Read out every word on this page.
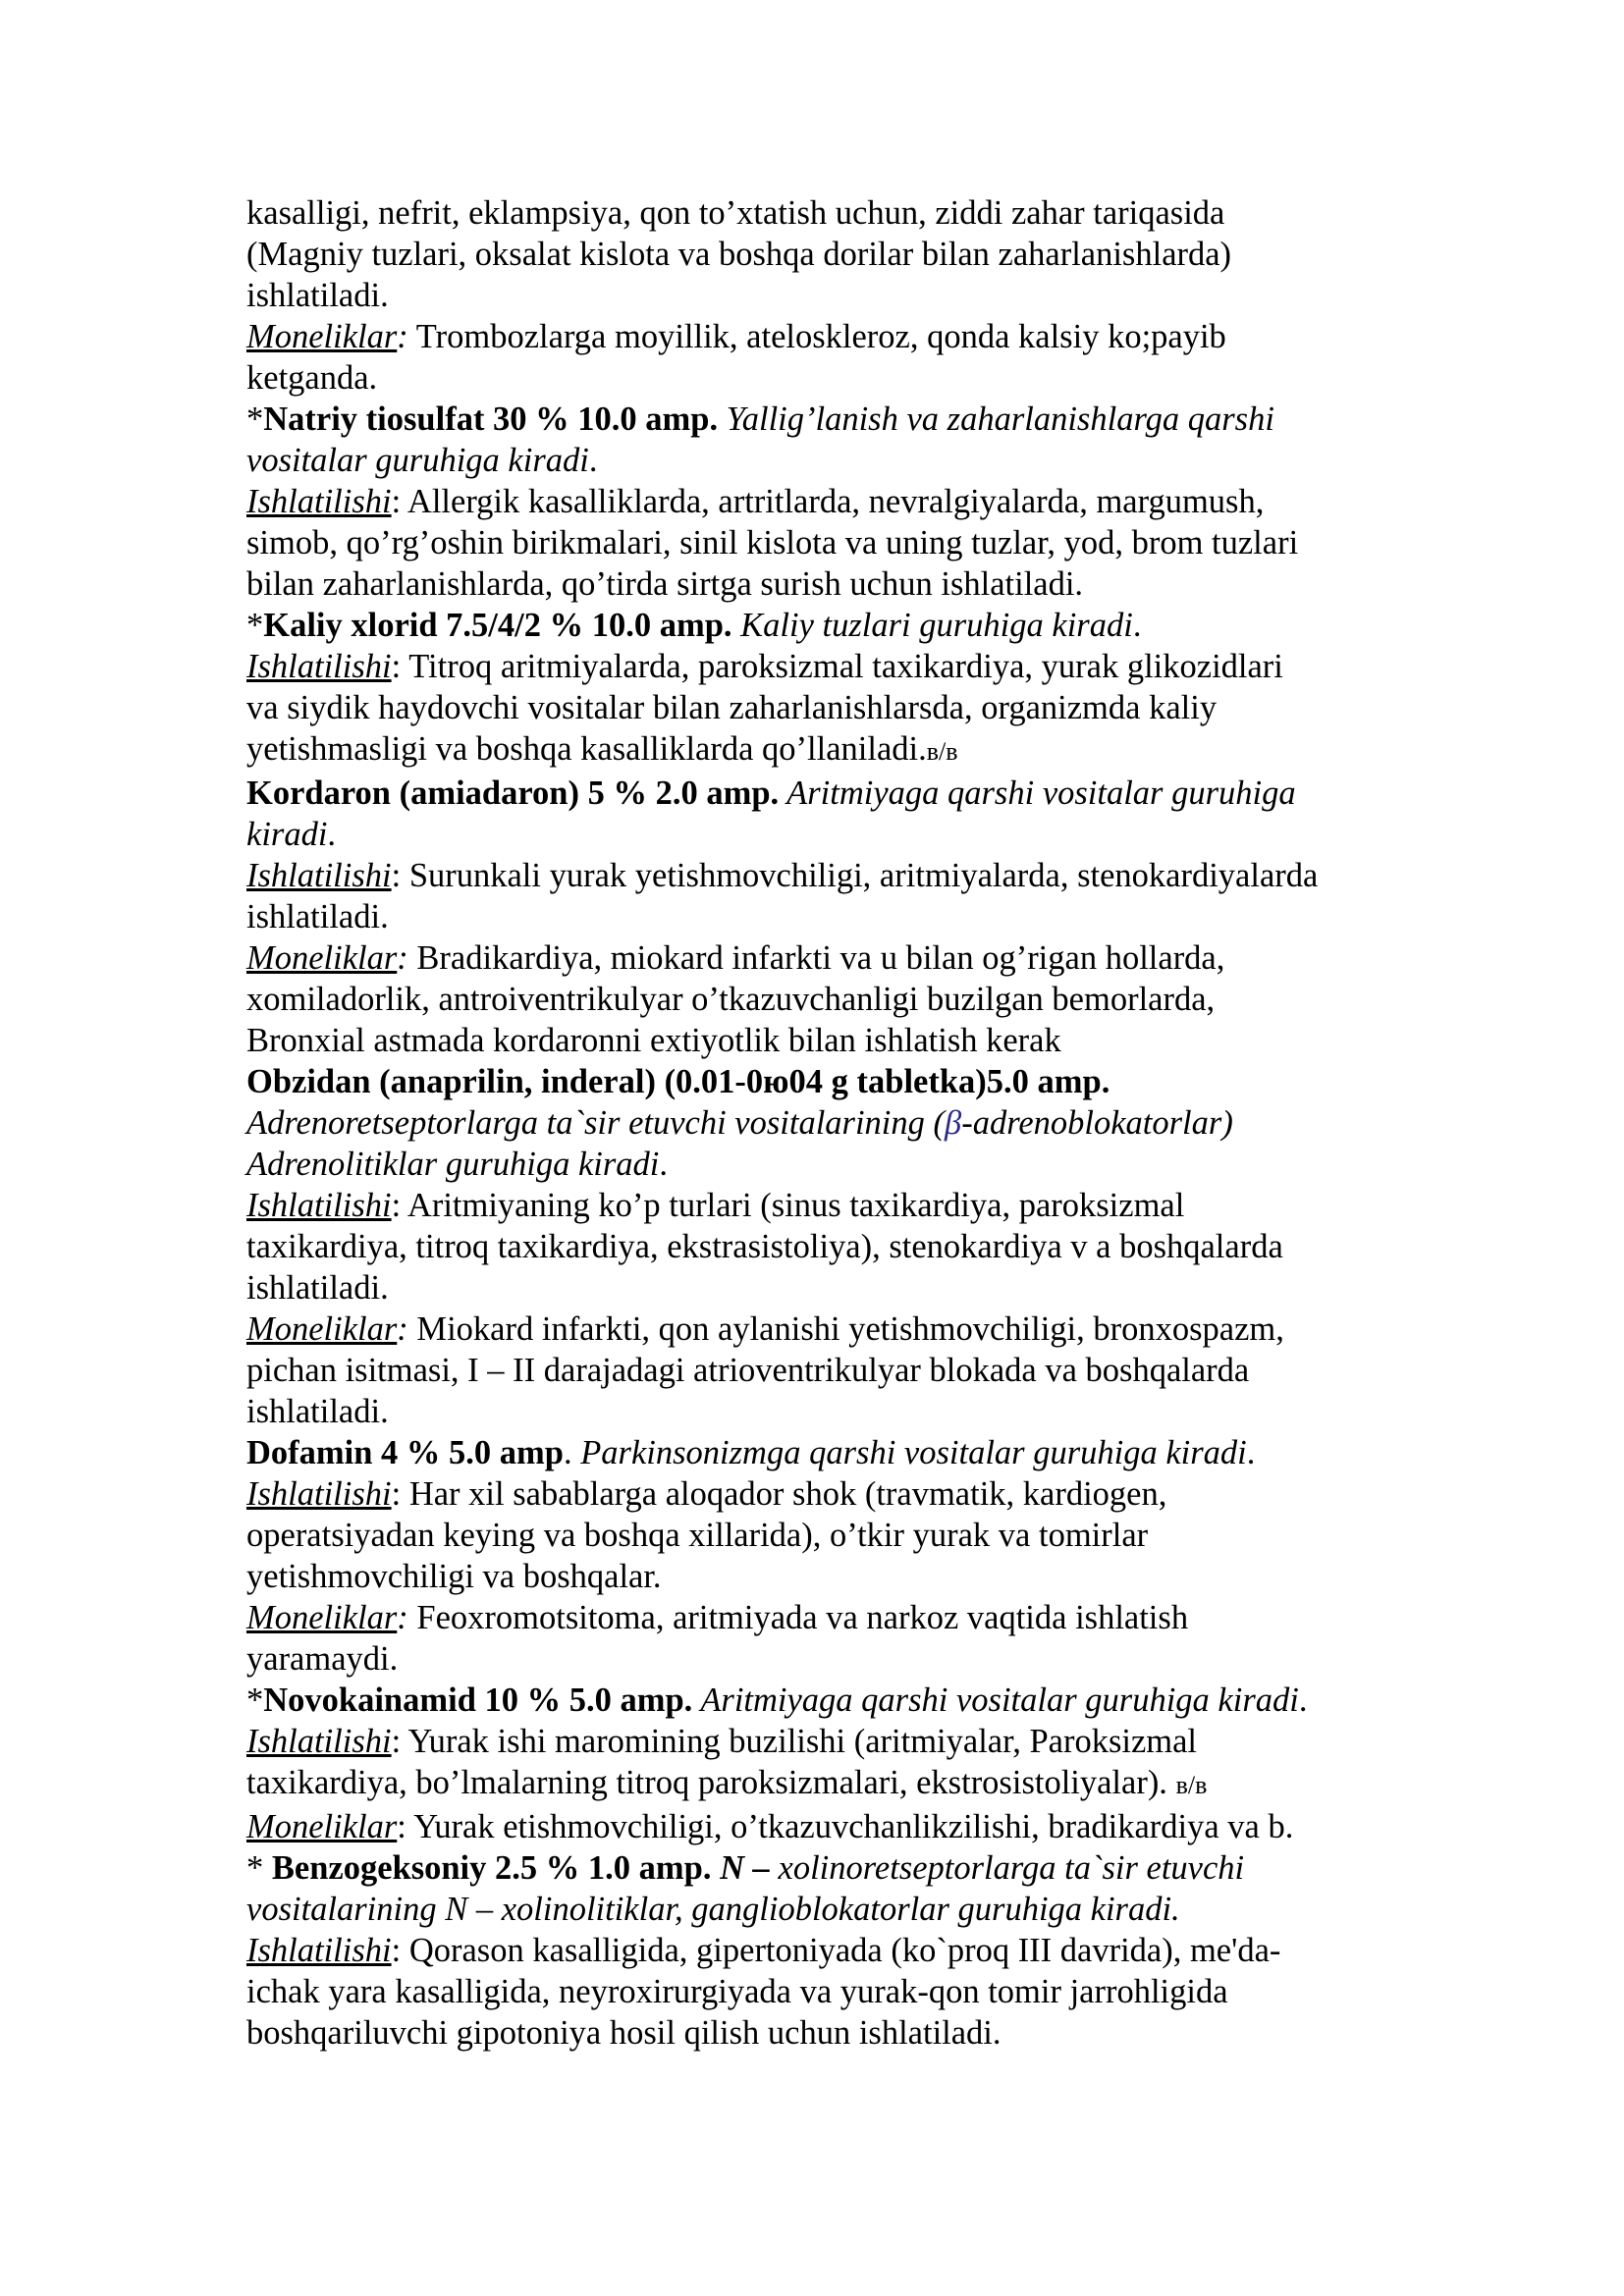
kasalligi, nefrit, eklampsiya, qon to’xtatish uchun, ziddi zahar tariqasida
(Magniy tuzlari, oksalat kislota va boshqa dorilar bilan zaharlanishlarda)
ishlatiladi.
Moneliklar: Trombozlarga moyillik, ateloskleroz, qonda kalsiy ko;payib
ketganda.
*Natriy tiosulfat 30 % 10.0 amp. Yallig’lanish va zaharlanishlarga qarshi
vositalar guruhiga kiradi.
Ishlatilishi: Allergik kasalliklarda, artritlarda, nevralgiyalarda, margumush,
simob, qo’rg’oshin birikmalari, sinil kislota va uning tuzlar, yod, brom tuzlari
bilan zaharlanishlarda, qo’tirda sirtga surish uchun ishlatiladi.
*Kaliy xlorid 7.5/4/2 % 10.0 amp. Kaliy tuzlari guruhiga kiradi.
Ishlatilishi: Titroq aritmiyalarda, paroksizmal taxikardiya, yurak glikozidlari
va siydik haydovchi vositalar bilan zaharlanishlarsda, organizmda kaliy
yetishmasligi va boshqa kasalliklarda qo’llaniladi.в/в
Kordaron (amiadaron) 5 % 2.0 amp. Aritmiyaga qarshi vositalar guruhiga
kiradi.
Ishlatilishi: Surunkali yurak yetishmovchiligi, aritmiyalarda, stenokardiyalarda
ishlatiladi.
Moneliklar: Bradikardiya, miokard infarkti va u bilan og’rigan hollarda,
xomiladorlik, antroiventrikulyar o’tkazuvchanligi buzilgan bemorlarda,
Bronxial astmada kordaronni extiyotlik bilan ishlatish kerak
Obzidan (anaprilin, inderal) (0.01-0ю04 g tabletka)5.0 amp.
Adrenoretseptorlarga ta`sir etuvchi vositalarining (β-adrenoblokatorlar)
Adrenolitiklar guruhiga kiradi.
Ishlatilishi: Aritmiyaning ko’p turlari (sinus taxikardiya, paroksizmal
taxikardiya, titroq taxikardiya, ekstrasistoliya), stenokardiya v a boshqalarda
ishlatiladi.
Moneliklar: Miokard infarkti, qon aylanishi yetishmovchiligi, bronxospazm,
pichan isitmasi, I – II darajadagi atrioventrikulyar blokada va boshqalarda
ishlatiladi.
Dofamin 4 % 5.0 amp. Parkinsonizmga qarshi vositalar guruhiga kiradi.
Ishlatilishi: Har xil sabablarga aloqador shok (travmatik, kardiogen,
operatsiyadan keying va boshqa xillarida), o’tkir yurak va tomirlar
yetishmovchiligi va boshqalar.
Moneliklar: Feoxromotsitoma, aritmiyada va narkoz vaqtida ishlatish
yaramaydi.
*Novokainamid 10 % 5.0 amp. Aritmiyaga qarshi vositalar guruhiga kiradi.
Ishlatilishi: Yurak ishi maromining buzilishi (aritmiyalar, Paroksizmal
taxikardiya, bo’lmalarning titroq paroksizmalari, ekstrosistoliyalar). в/в
Moneliklar: Yurak etishmovchiligi, o’tkazuvchanlikzilishi, bradikardiya va b.
* Benzogeksoniy 2.5 % 1.0 amp. N – xolinoretseptorlarga ta`sir etuvchi
vositalarining N – xolinolitiklar, ganglioblokatorlar guruhiga kiradi.
Ishlatilishi: Qorason kasalligida, gipertoniyada (ko`proq III davrida), me'da-
ichak yara kasalligida, neyroxirurgiyada va yurak-qon tomir jarrohligida
boshqariluvchi gipotoniya hosil qilish uchun ishlatiladi.
